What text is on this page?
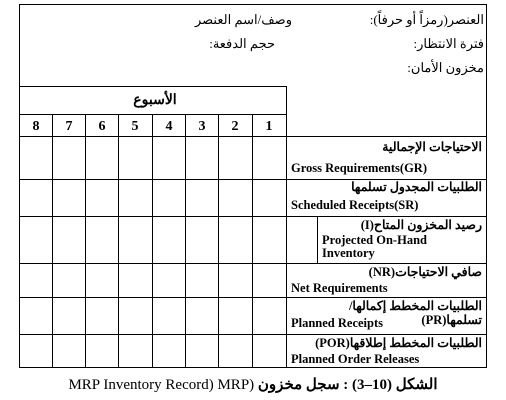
العنصر(رمزاً أو حرفاً):
وصف/اسم العنصر
فترة الانتظار:
حجم الدفعة:
مخزون الأمان:
الأسبوع
1
2
3
4
5
6
7
8
الاحتياجات الإجمالية
Gross Requirements(GR)
الطلبيات المجدول تسلمها
Scheduled Receipts(SR)
رصيد المخزون المتاح(I)
Projected On-Hand Inventory
صافي الاحتياجات(NR)
Net Requirements
الطلبيات المخطط إكمالها/تسلمها(PR)
Planned Receipts
الطلبيات المخطط إطلاقها(POR)
Planned Order Releases
MRP Inventory Record) MRP) الشكل (10–3) : سجل مخزون
